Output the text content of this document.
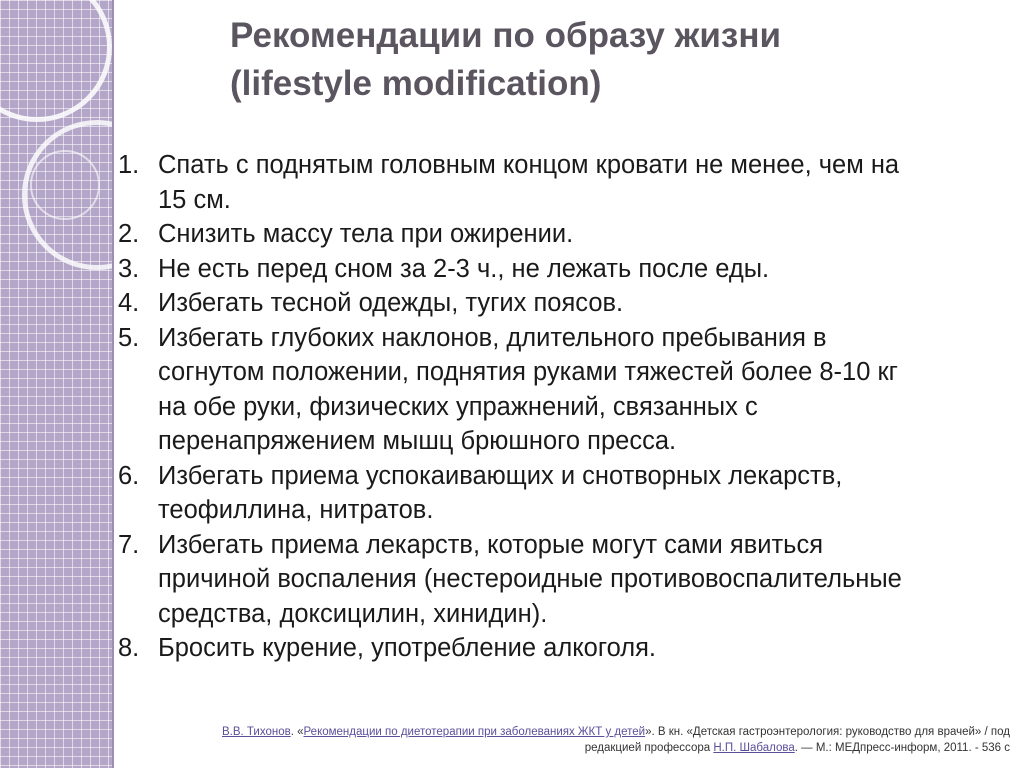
Рекомендации по образу жизни
(lifestyle modification)
1. Спать с поднятым головным концом кровати не менее, чем на
15 см.
2. Снизить массу тела при ожирении.
3. Не есть перед сном за 2-3 ч., не лежать после еды.
4. Избегать тесной одежды, тугих поясов.
5. Избегать глубоких наклонов, длительного пребывания в
согнутом положении, поднятия руками тяжестей более 8-10 кг
на обе руки, физических упражнений, связанных с
перенапряжением мышц брюшного пресса.
6. Избегать приема успокаивающих и снотворных лекарств,
теофиллина, нитратов.
7. Избегать приема лекарств, которые могут сами явиться
причиной воспаления (нестероидные противовоспалительные
средства, доксицилин, хинидин).
8. Бросить курение, употребление алкоголя.
В.В. Тихонов. «Рекомендации по диетотерапии при заболеваниях ЖКТ у детей». В кн. «Детская гастроэнтерология: руководство для врачей» / под
редакцией профессора Н.П. Шабалова. — М.: МЕДпресс-информ, 2011. - 536 с
